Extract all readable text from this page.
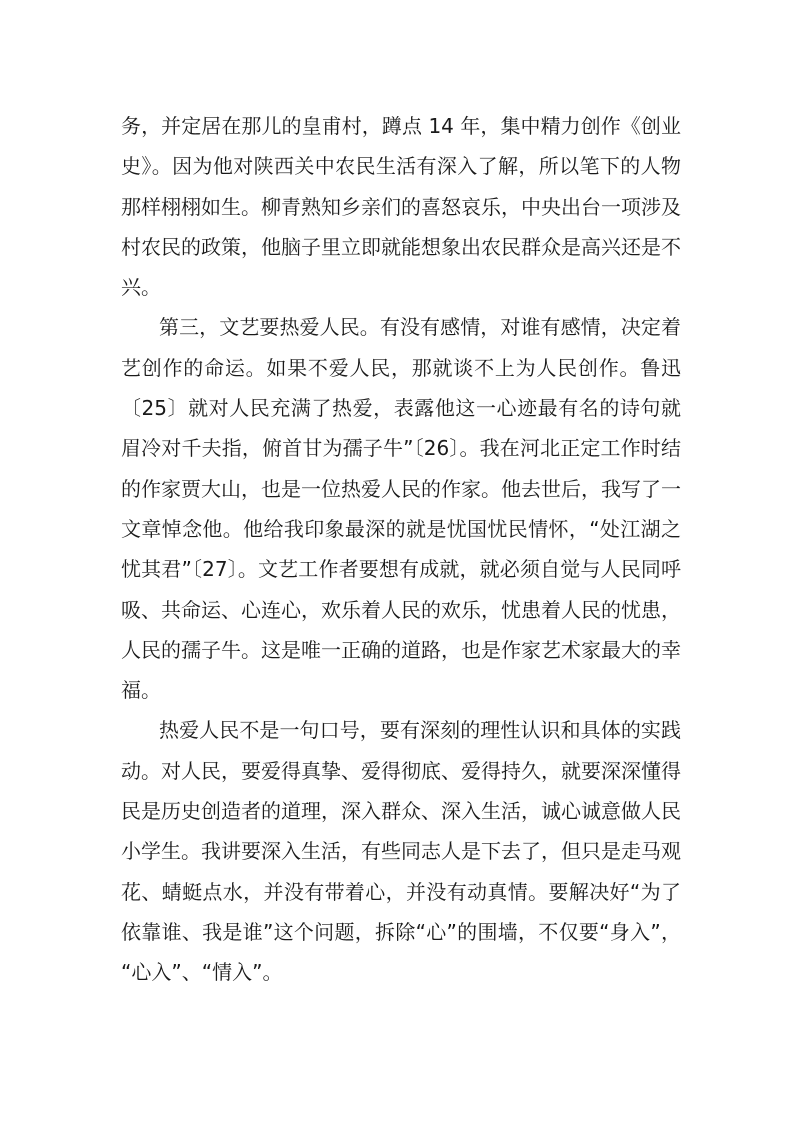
务，并定居在那儿的皇甫村，蹲点 14 年，集中精力创作《创业
史》。因为他对陕西关中农民生活有深入了解，所以笔下的人物
那样栩栩如生。柳青熟知乡亲们的喜怒哀乐，中央出台一项涉及
村农民的政策，他脑子里立即就能想象出农民群众是高兴还是不
兴。
第三，文艺要热爱人民。有没有感情，对谁有感情，决定着
艺创作的命运。如果不爱人民，那就谈不上为人民创作。鲁迅
〔25〕就对人民充满了热爱，表露他这一心迹最有名的诗句就
眉冷对千夫指，俯首甘为孺子牛”〔26〕。我在河北正定工作时结
的作家贾大山，也是一位热爱人民的作家。他去世后，我写了一
文章悼念他。他给我印象最深的就是忧国忧民情怀，“处江湖之
忧其君”〔27〕。文艺工作者要想有成就，就必须自觉与人民同呼
吸、共命运、心连心，欢乐着人民的欢乐，忧患着人民的忧患，
人民的孺子牛。这是唯一正确的道路，也是作家艺术家最大的幸
福。
热爱人民不是一句口号，要有深刻的理性认识和具体的实践
动。对人民，要爱得真挚、爱得彻底、爱得持久，就要深深懂得
民是历史创造者的道理，深入群众、深入生活，诚心诚意做人民
小学生。我讲要深入生活，有些同志人是下去了，但只是走马观
花、蜻蜓点水，并没有带着心，并没有动真情。要解决好“为了
依靠谁、我是谁”这个问题，拆除“心”的围墙，不仅要“身入”，
“心入”、“情入”。
